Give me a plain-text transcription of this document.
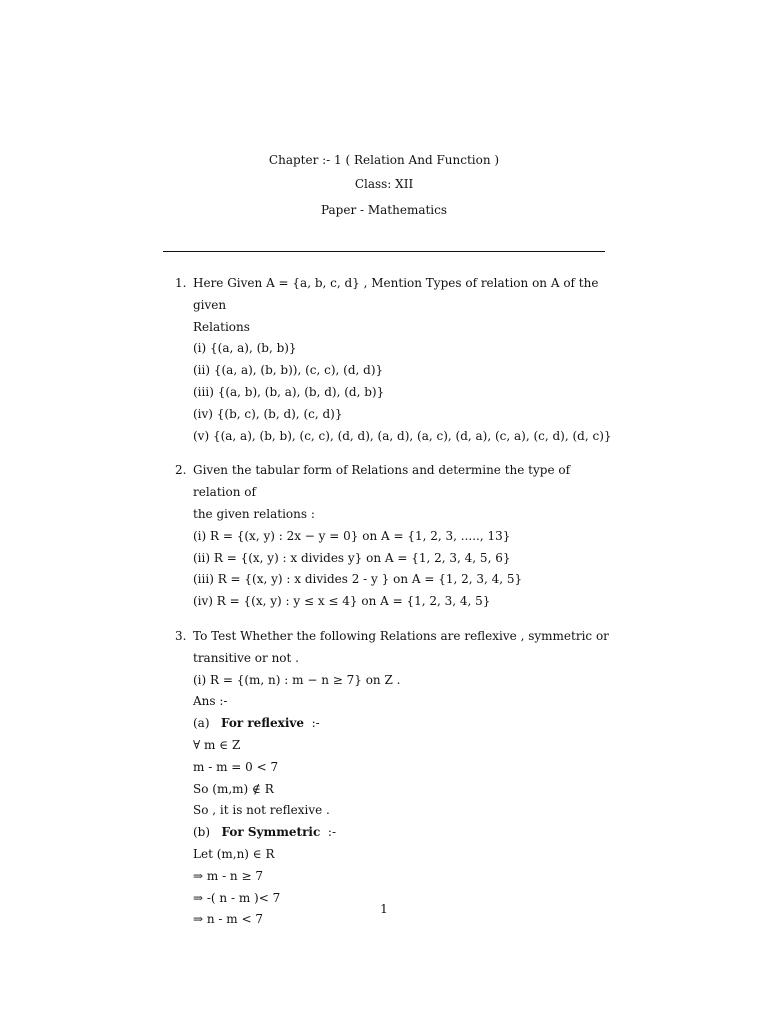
Chapter :- 1 ( Relation And Function )
Class: XII
Paper - Mathematics
1. Here Given A = {a, b, c, d} , Mention Types of relation on A of the given
Relations
(i) {(a, a), (b, b)}
(ii) {(a, a), (b, b)), (c, c), (d, d)}
(iii) {(a, b), (b, a), (b, d), (d, b)}
(iv) {(b, c), (b, d), (c, d)}
(v) {(a, a), (b, b), (c, c), (d, d), (a, d), (a, c), (d, a), (c, a), (c, d), (d, c)}
2. Given the tabular form of Relations and determine the type of relation of
the given relations :
(i) R = {(x, y) : 2x − y = 0} on A = {1, 2, 3, ....., 13}
(ii) R = {(x, y) : x divides y} on A = {1, 2, 3, 4, 5, 6}
(iii) R = {(x, y) : x divides 2 - y } on A = {1, 2, 3, 4, 5}
(iv) R = {(x, y) : y ≤ x ≤ 4} on A = {1, 2, 3, 4, 5}
3. To Test Whether the following Relations are reflexive , symmetric or
transitive or not .
(i) R = {(m, n) : m − n ≥ 7} on Z .
Ans :-
(a) For reflexive :-
∀ m ∈ Z
m - m = 0 < 7
So (m,m) ∉ R
So , it is not reflexive .
(b) For Symmetric :-
Let (m,n) ∈ R
⇒ m - n ≥ 7
⇒ -( n - m )< 7
⇒ n - m < 7
1
